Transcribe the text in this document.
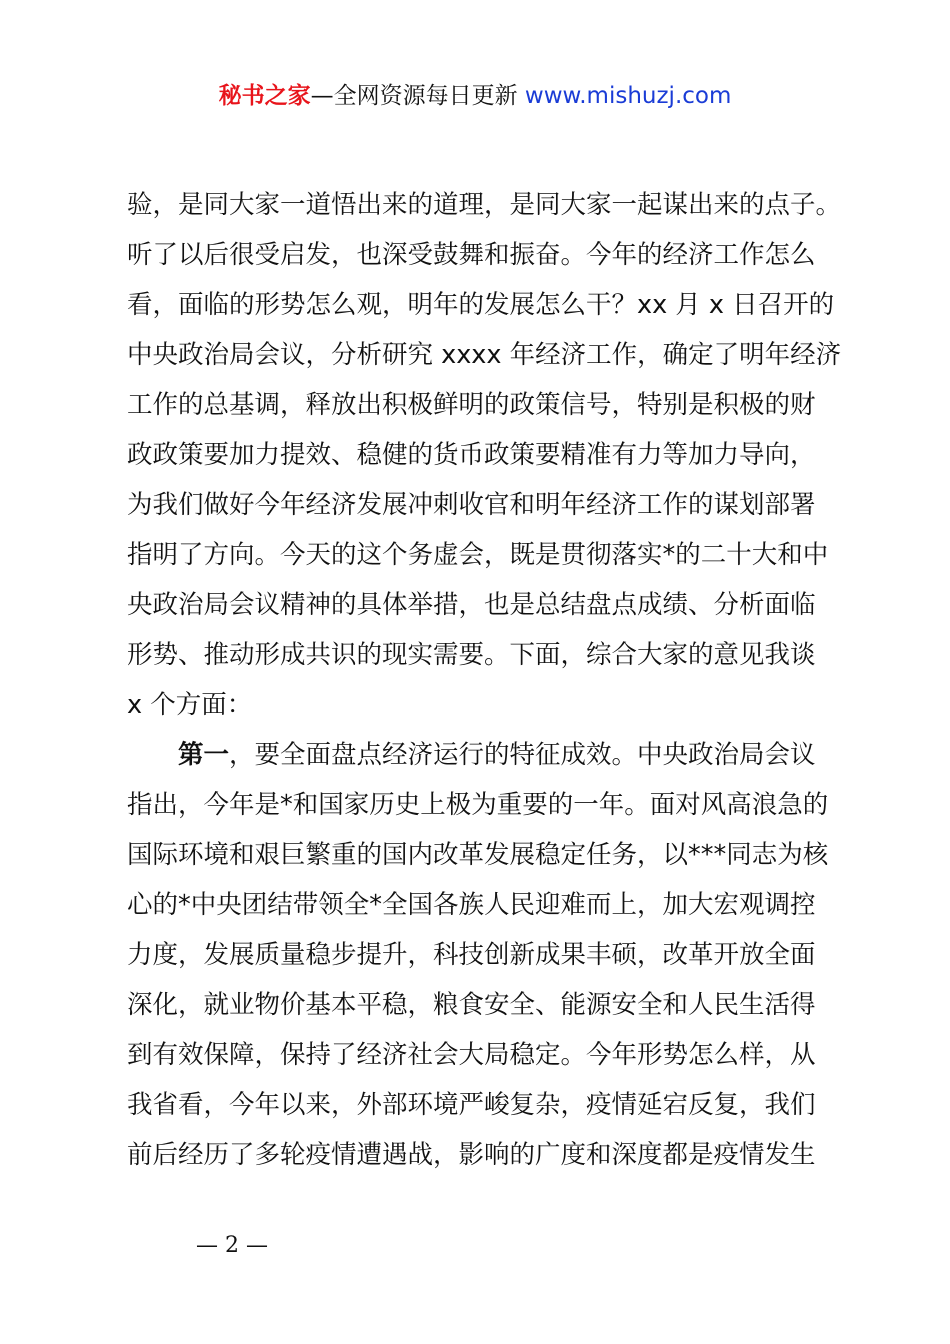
秘书之家—全网资源每日更新 www.mishuzj.com
验，是同大家一道悟出来的道理，是同大家一起谋出来的点子。
听了以后很受启发，也深受鼓舞和振奋。今年的经济工作怎么
看，面临的形势怎么观，明年的发展怎么干？xx 月 x 日召开的
中央政治局会议，分析研究 xxxx 年经济工作，确定了明年经济
工作的总基调，释放出积极鲜明的政策信号，特别是积极的财
政政策要加力提效、稳健的货币政策要精准有力等加力导向，
为我们做好今年经济发展冲刺收官和明年经济工作的谋划部署
指明了方向。今天的这个务虚会，既是贯彻落实*的二十大和中
央政治局会议精神的具体举措，也是总结盘点成绩、分析面临
形势、推动形成共识的现实需要。下面，综合大家的意见我谈
x 个方面：
第一，要全面盘点经济运行的特征成效。中央政治局会议
指出，今年是*和国家历史上极为重要的一年。面对风高浪急的
国际环境和艰巨繁重的国内改革发展稳定任务，以***同志为核
心的*中央团结带领全*全国各族人民迎难而上，加大宏观调控
力度，发展质量稳步提升，科技创新成果丰硕，改革开放全面
深化，就业物价基本平稳，粮食安全、能源安全和人民生活得
到有效保障，保持了经济社会大局稳定。今年形势怎么样，从
我省看，今年以来，外部环境严峻复杂，疫情延宕反复，我们
前后经历了多轮疫情遭遇战，影响的广度和深度都是疫情发生
— 2 —
